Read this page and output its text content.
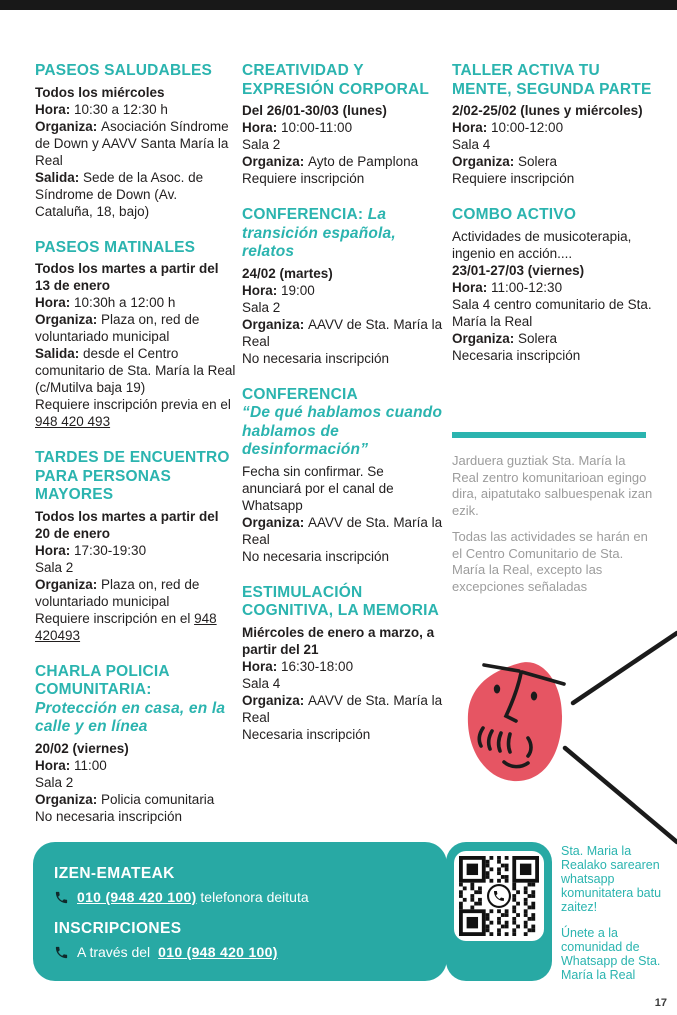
PASEOS SALUDABLES
Todos los miércoles
Hora: 10:30 a 12:30 h
Organiza: Asociación Síndrome de Down y AAVV Santa María la Real
Salida: Sede de la Asoc. de Síndrome de Down (Av. Cataluña, 18, bajo)
PASEOS MATINALES
Todos los martes a partir del 13 de enero
Hora: 10:30h a 12:00 h
Organiza: Plaza on, red de voluntariado municipal
Salida: desde el Centro comunitario de Sta. María la Real (c/Mutilva baja 19)
Requiere inscripción previa en el 948 420 493
TARDES DE ENCUENTRO PARA PERSONAS MAYORES
Todos los martes a partir del 20 de enero
Hora: 17:30-19:30
Sala 2
Organiza: Plaza on, red de voluntariado municipal
Requiere inscripción en el 948 420493
CHARLA POLICIA COMUNITARIA: Protección en casa, en la calle y en línea
20/02 (viernes)
Hora: 11:00
Sala 2
Organiza: Policia comunitaria
No necesaria inscripción
CREATIVIDAD Y EXPRESIÓN CORPORAL
Del 26/01-30/03 (lunes)
Hora: 10:00-11:00
Sala 2
Organiza: Ayto de Pamplona
Requiere inscripción
CONFERENCIA: La transición española, relatos
24/02 (martes)
Hora: 19:00
Sala 2
Organiza: AAVV de Sta. María la Real
No necesaria inscripción
CONFERENCIA
“De qué hablamos cuando hablamos de desinformación”
Fecha sin confirmar. Se anunciará por el canal de Whatsapp
Organiza: AAVV de Sta. María la Real
No necesaria inscripción
ESTIMULACIÓN COGNITIVA, LA MEMORIA
Miércoles de enero a marzo, a partir del 21
Hora: 16:30-18:00
Sala 4
Organiza: AAVV de Sta. María la Real
Necesaria inscripción
TALLER ACTIVA TU MENTE, SEGUNDA PARTE
2/02-25/02 (lunes y miércoles)
Hora: 10:00-12:00
Sala 4
Organiza: Solera
Requiere inscripción
COMBO ACTIVO
Actividades de musicoterapia, ingenio en acción....
23/01-27/03 (viernes)
Hora: 11:00-12:30
Sala 4 centro comunitario de Sta. María la Real
Organiza: Solera
Necesaria inscripción

Jarduera guztiak Sta. María la Real zentro komunitarioan egingo dira, aipatutako salbuespenak izan ezik.

Todas las actividades se harán en el Centro Comunitario de Sta. María la Real, excepto las excepciones señaladas

IZEN-EMATEAK
010 (948 420 100) telefonora deituta
INSCRIPCIONES
A través del 010 (948 420 100)

Sta. Maria la Realako sarearen whatsapp komunitatera batu zaitez!

Únete a la comunidad de Whatsapp de Sta. María la Real

17
